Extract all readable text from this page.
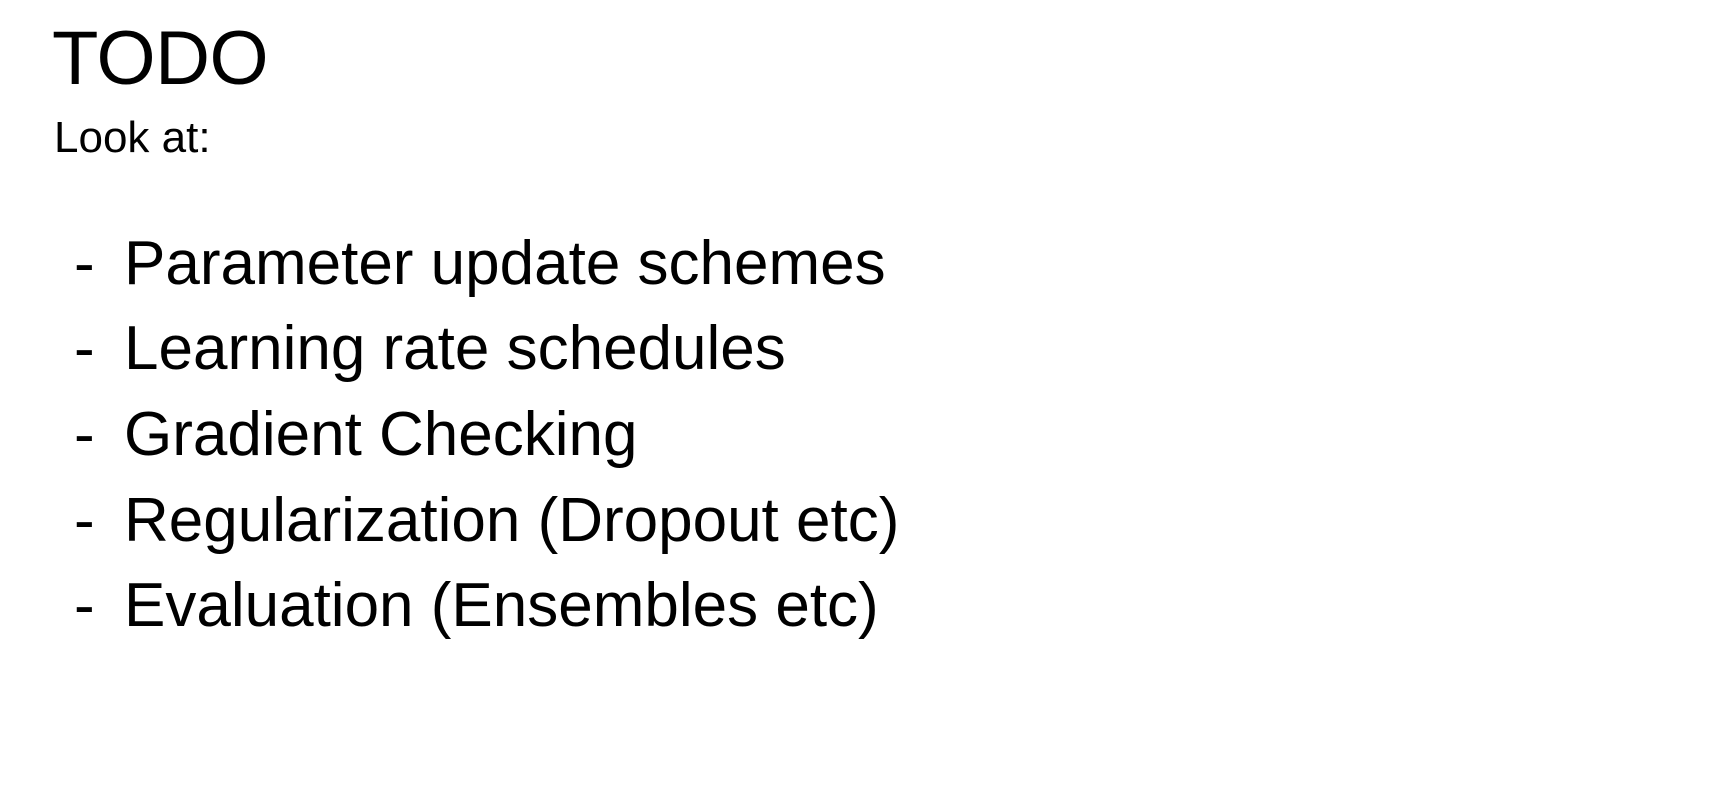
TODO

Look at:

- Parameter update schemes
- Learning rate schedules
- Gradient Checking
- Regularization (Dropout etc)
- Evaluation (Ensembles etc)
